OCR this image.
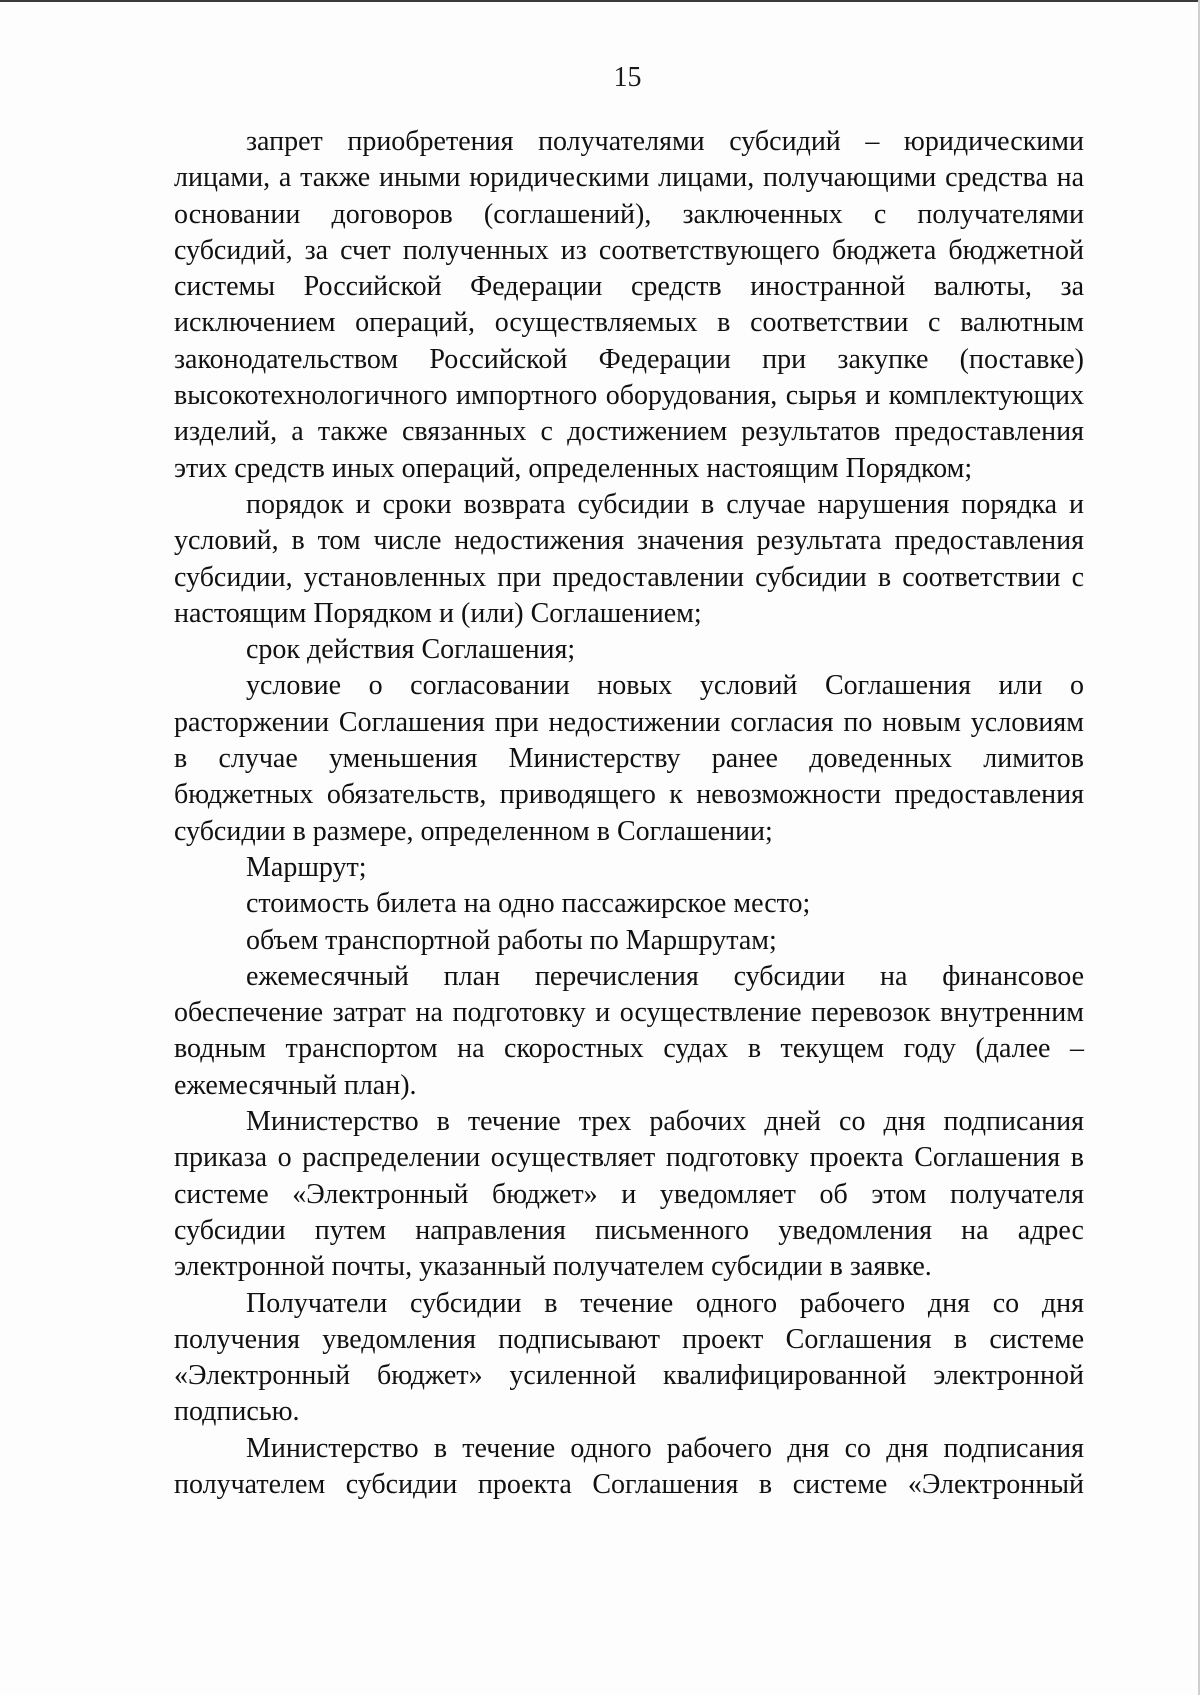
15

запрет приобретения получателями субсидий – юридическими лицами, а также иными юридическими лицами, получающими средства на основании договоров (соглашений), заключенных с получателями субсидий, за счет полученных из соответствующего бюджета бюджетной системы Российской Федерации средств иностранной валюты, за исключением операций, осуществляемых в соответствии с валютным законодательством Российской Федерации при закупке (поставке) высокотехнологичного импортного оборудования, сырья и комплектующих изделий, а также связанных с достижением результатов предоставления этих средств иных операций, определенных настоящим Порядком;

порядок и сроки возврата субсидии в случае нарушения порядка и условий, в том числе недостижения значения результата предоставления субсидии, установленных при предоставлении субсидии в соответствии с настоящим Порядком и (или) Соглашением;

срок действия Соглашения;

условие о согласовании новых условий Соглашения или о расторжении Соглашения при недостижении согласия по новым условиям в случае уменьшения Министерству ранее доведенных лимитов бюджетных обязательств, приводящего к невозможности предоставления субсидии в размере, определенном в Соглашении;

Маршрут;

стоимость билета на одно пассажирское место;

объем транспортной работы по Маршрутам;

ежемесячный план перечисления субсидии на финансовое обеспечение затрат на подготовку и осуществление перевозок внутренним водным транспортом на скоростных судах в текущем году (далее – ежемесячный план).

Министерство в течение трех рабочих дней со дня подписания приказа о распределении осуществляет подготовку проекта Соглашения в системе «Электронный бюджет» и уведомляет об этом получателя субсидии путем направления письменного уведомления на адрес электронной почты, указанный получателем субсидии в заявке.

Получатели субсидии в течение одного рабочего дня со дня получения уведомления подписывают проект Соглашения в системе «Электронный бюджет» усиленной квалифицированной электронной подписью.

Министерство в течение одного рабочего дня со дня подписания получателем субсидии проекта Соглашения в системе «Электронный
